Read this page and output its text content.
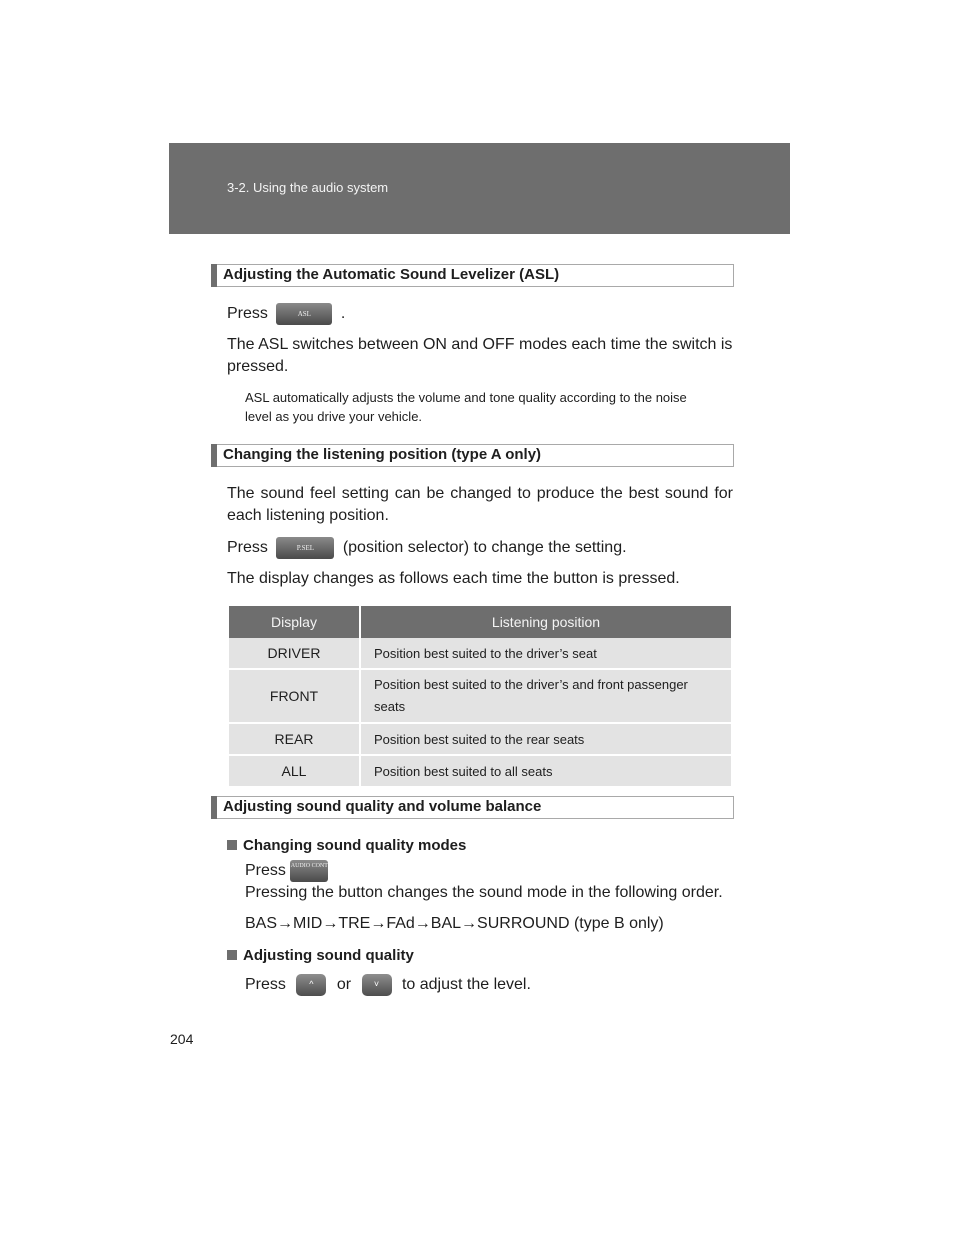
3-2. Using the audio system
Adjusting the Automatic Sound Levelizer (ASL)
Press	ASL .
The ASL switches between ON and OFF modes each time the switch is pressed.
ASL automatically adjusts the volume and tone quality according to the noise
level as you drive your vehicle.
Changing the listening position (type A only)
The sound feel setting can be changed to produce the best sound for
each listening position.
Press	P.SEL (position selector) to change the setting.
The display changes as follows each time the button is pressed.
Display	Listening position
DRIVER	Position best suited to the driver’s seat
FRONT	Position best suited to the driver’s and front passenger seats
REAR	Position best suited to the rear seats
ALL	Position best suited to all seats
Adjusting sound quality and volume balance
Changing sound quality modes
Press AUDIO CONT
Pressing the button changes the sound mode in the following order.
BAS→MID→TRE→FAd→BAL→SURROUND (type B only)
Adjusting sound quality
Press	^ or	˅ to adjust the level.
204
